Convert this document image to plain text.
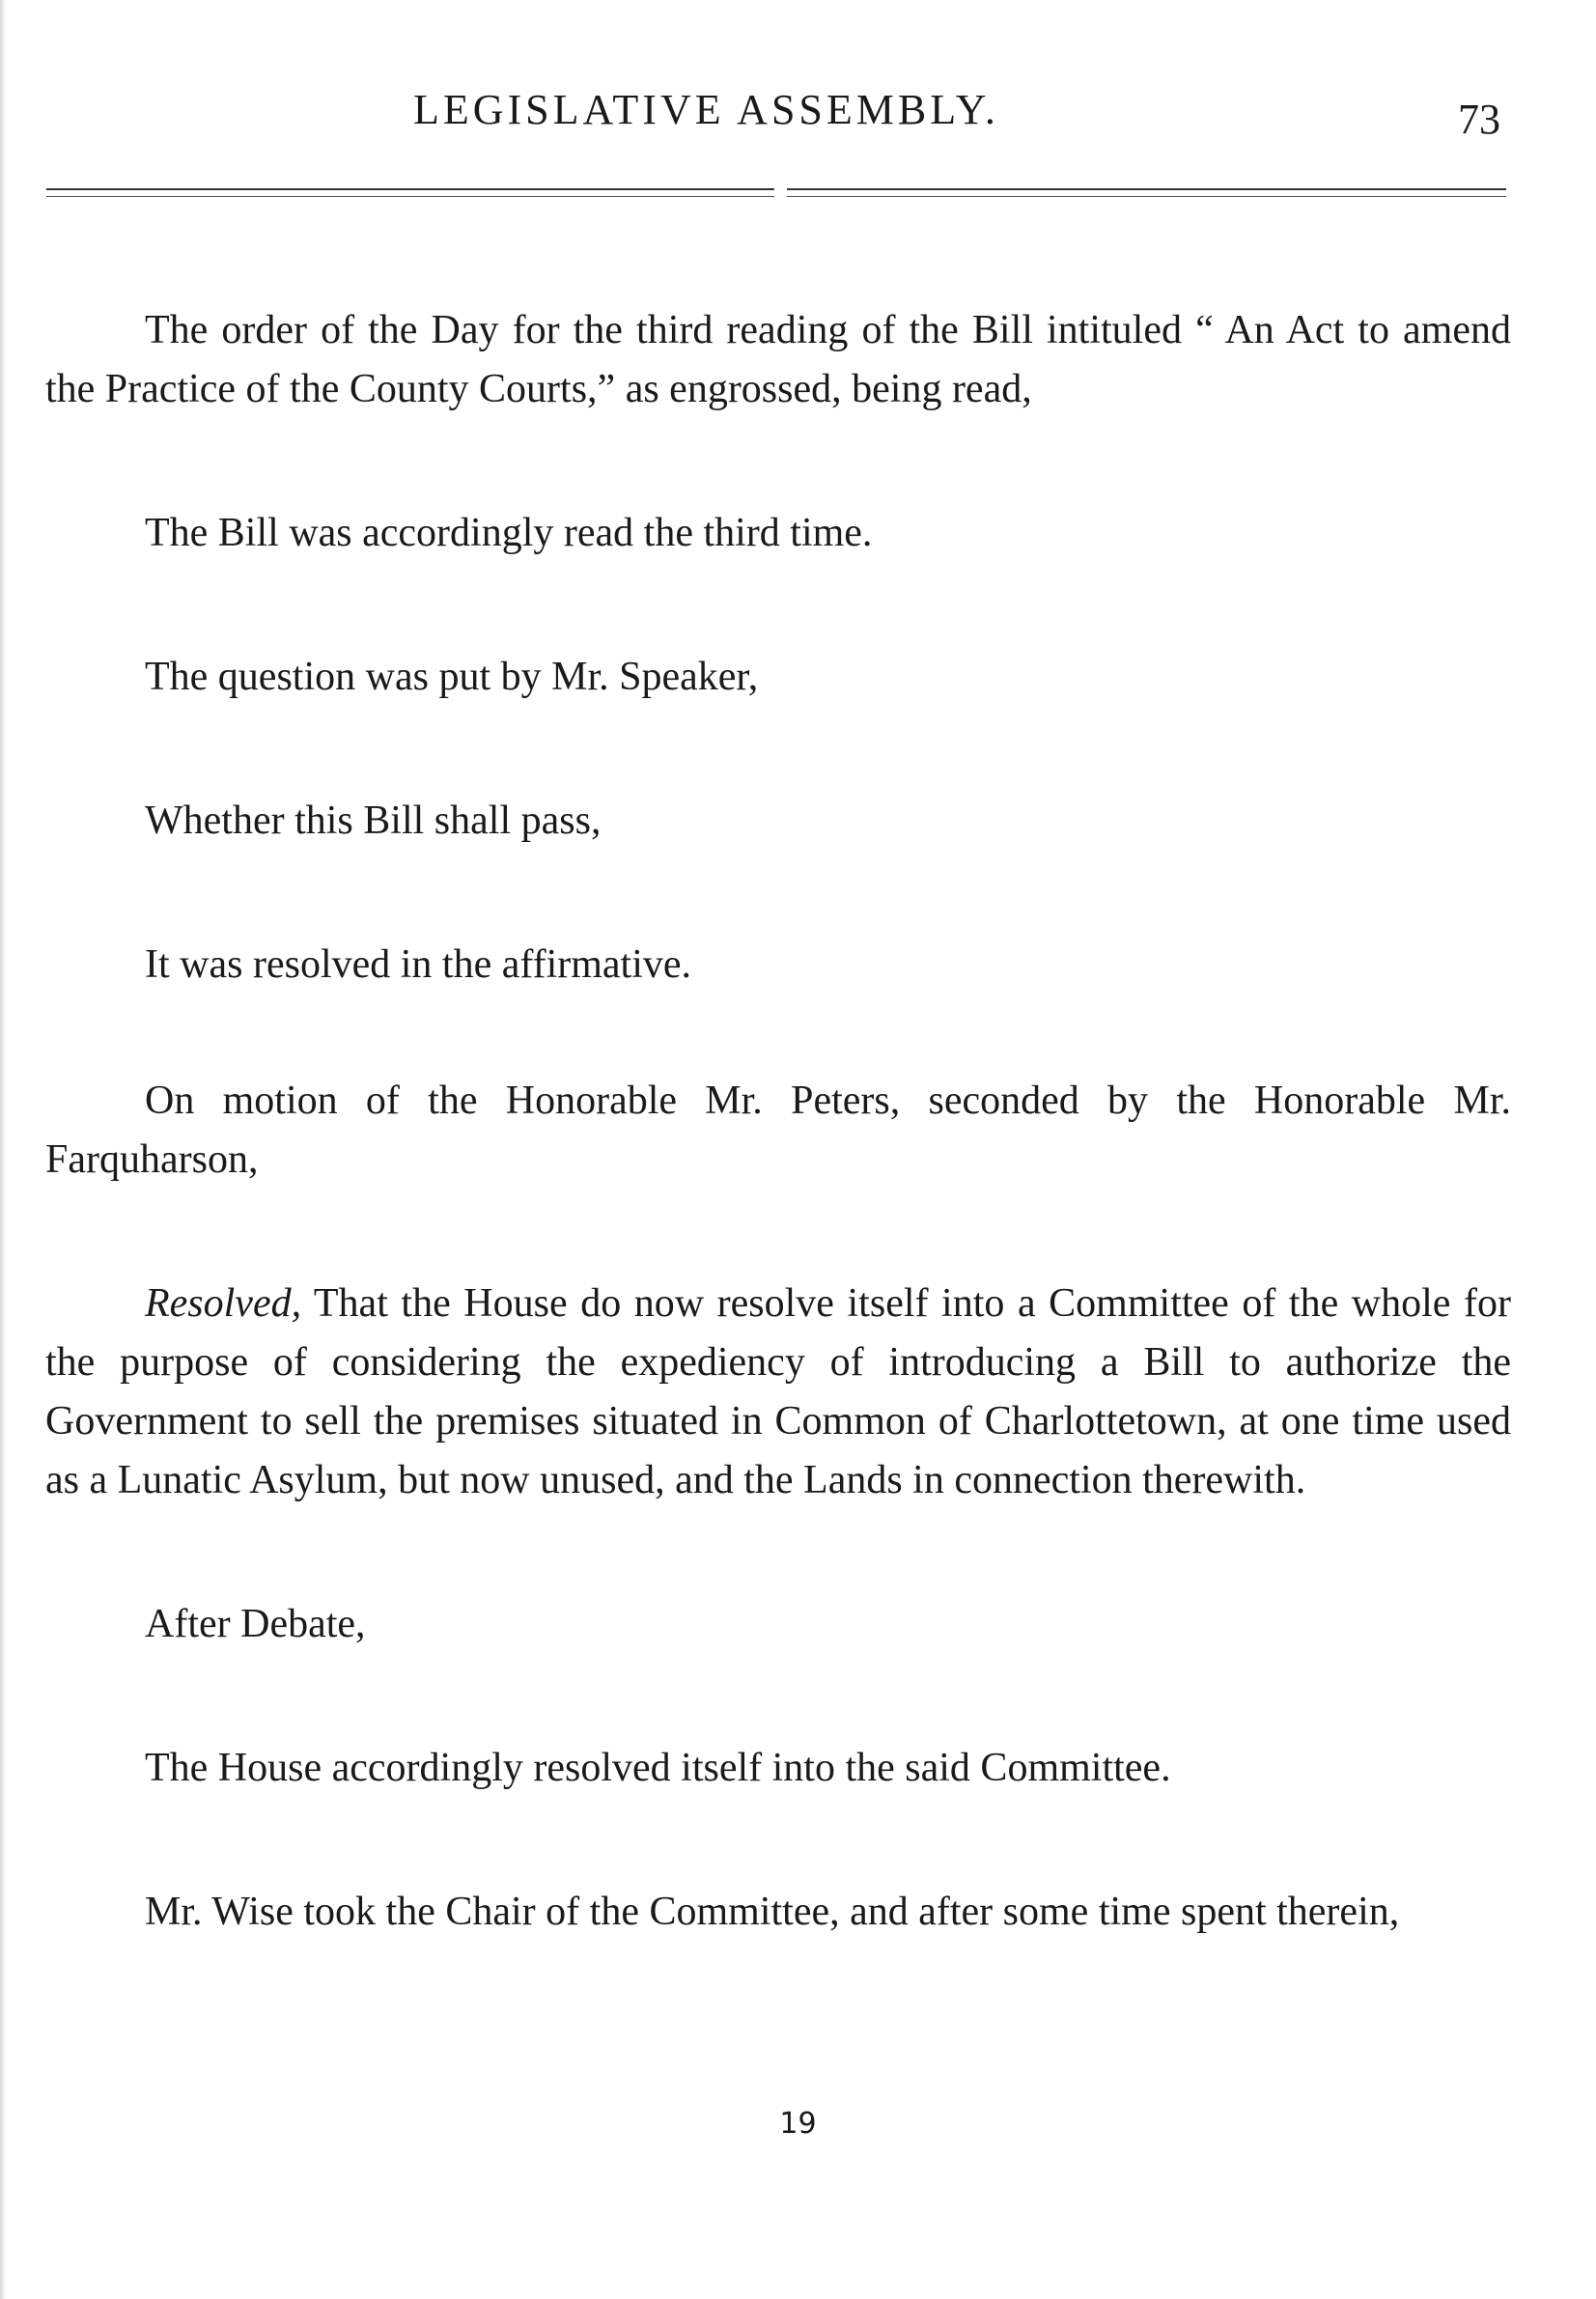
LEGISLATIVE ASSEMBLY.	73

The order of the Day for the third reading of the Bill intituled “ An Act to amend the Practice of the County Courts,” as engrossed, being read,

The Bill was accordingly read the third time.

The question was put by Mr. Speaker,

Whether this Bill shall pass,

It was resolved in the affirmative.

On motion of the Honorable Mr. Peters, seconded by the Honorable Mr. Farquharson,

Resolved, That the House do now resolve itself into a Committee of the whole for the purpose of considering the expediency of introducing a Bill to authorize the Government to sell the premises situated in Common of Charlottetown, at one time used as a Lunatic Asylum, but now unused, and the Lands in connection therewith.

After Debate,

The House accordingly resolved itself into the said Committee.

Mr. Wise took the Chair of the Committee, and after some time spent therein,

19
